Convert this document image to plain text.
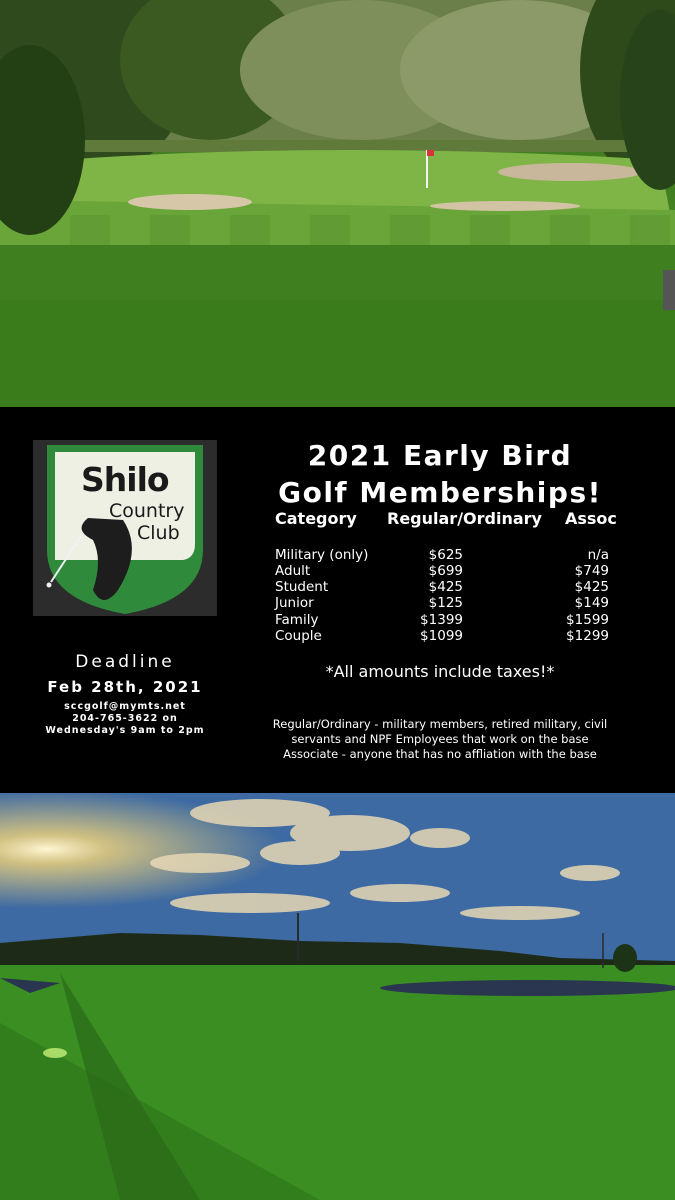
Shilo
Country
Club
Deadline
Feb 28th, 2021
sccgolf@mymts.net
204-765-3622 on
Wednesday's 9am to 2pm
2021 Early Bird
Golf Memberships!
Category Regular/Ordinary Assoc
Military (only)	$625	n/a
Adult	$699	$749
Student	$425	$425
Junior	$125	$149
Family	$1399	$1599
Couple	$1099	$1299
*All amounts include taxes!*
Regular/Ordinary - military members, retired military, civil
servants and NPF Employees that work on the base
Associate - anyone that has no affliation with the base
